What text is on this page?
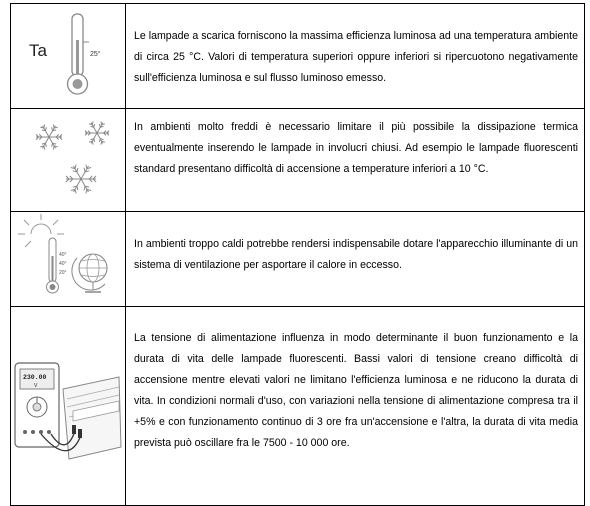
Ta	25°

Le lampade a scarica forniscono la massima efficienza luminosa ad una temperatura ambiente di circa 25 °C. Valori di temperatura superiori oppure inferiori si ripercuotono negativamente sull'efficienza luminosa e sul flusso luminoso emesso.

In ambienti molto freddi è necessario limitare il più possibile la dissipazione termica eventualmente inserendo le lampade in involucri chiusi. Ad esempio le lampade fluorescenti standard presentano difficoltà di accensione a temperature inferiori a 10 °C.

40°
40°
20°

In ambienti troppo caldi potrebbe rendersi indispensabile dotare l'apparecchio illuminante di un sistema di ventilazione per asportare il calore in eccesso.

230.00
V

La tensione di alimentazione influenza in modo determinante il buon funzionamento e la durata di vita delle lampade fluorescenti. Bassi valori di tensione creano difficoltà di accensione mentre elevati valori ne limitano l'efficienza luminosa e ne riducono la durata di vita. In condizioni normali d'uso, con variazioni nella tensione di alimentazione compresa tra il +5% e con funzionamento continuo di 3 ore fra un'accensione e l'altra, la durata di vita media prevista può oscillare fra le 7500 - 10 000 ore.
